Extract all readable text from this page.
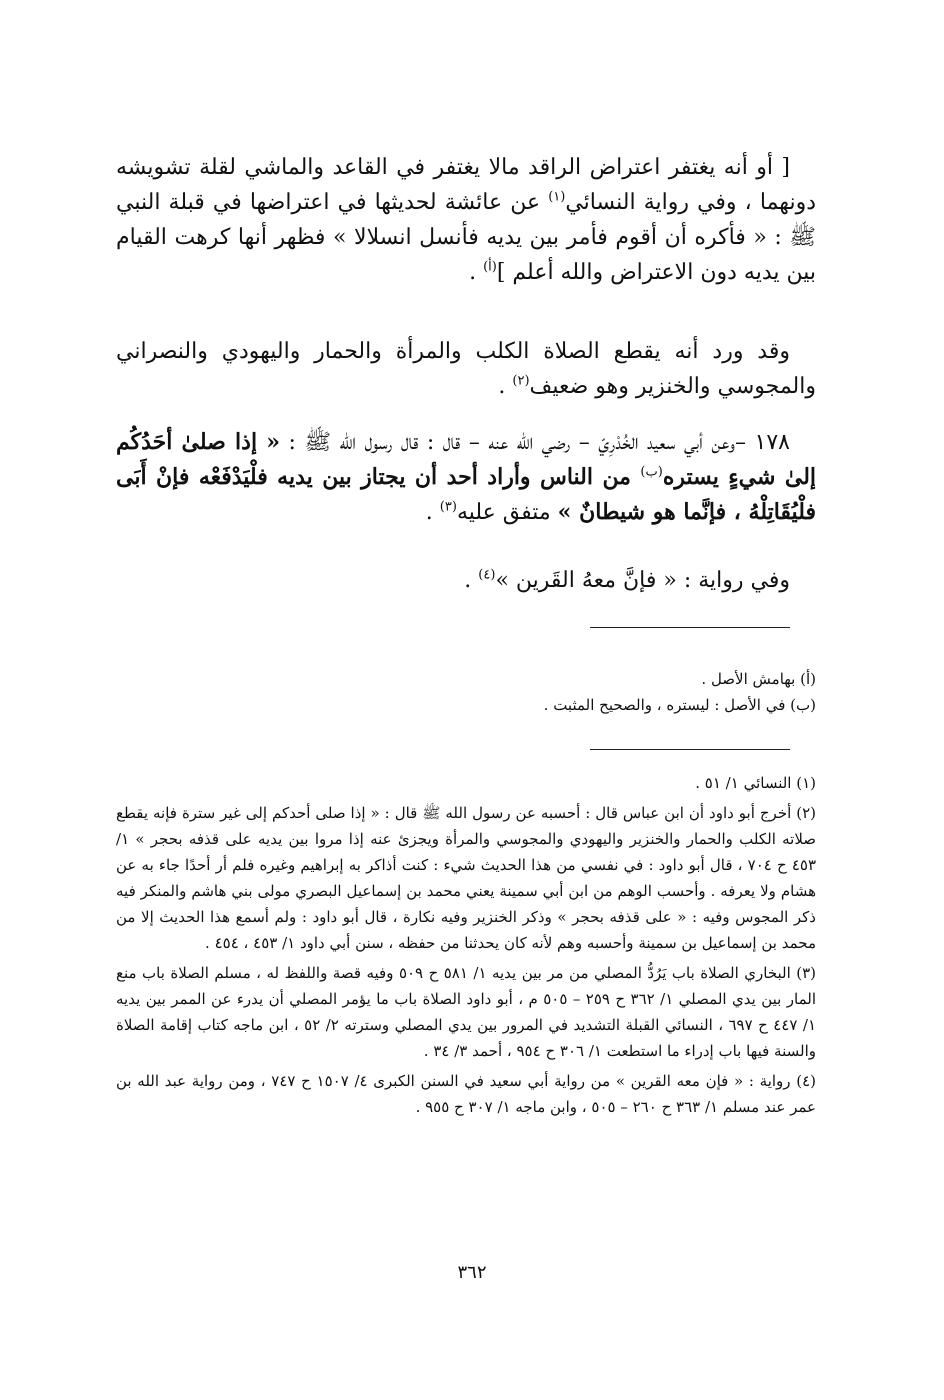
[ أو أنه يغتفر اعتراض الراقد مالا يغتفر في القاعد والماشي لقلة تشويشه دونهما ، وفي رواية النسائي$^{(١)}$ عن عائشة لحديثها في اعتراضها في قبلة النبي ﷺ : « فأكره أن أقوم فأمر بين يديه فأنسل انسلالا » فظهر أنها كرهت القيام بين يديه دون الاعتراض والله أعلم ]$^{(أ)}$ .

وقد ورد أنه يقطع الصلاة الكلب والمرأة والحمار واليهودي والنصراني والمجوسي والخنزير وهو ضعيف$^{(٢)}$ .

١٧٨ –وعن أبي سعيد الخُدْرِيّ – رضي الله عنه – قال : قال رسول الله ﷺ : « إذا صلىٰ أحَدُكُم إلىٰ شيءٍ يستره$^{(ب)}$ من الناس وأراد أحد أن يجتاز بين يديه فلْيَدْفَعْه فإنْ أَبَى فلْيُقَاتِلْهُ ، فإنَّما هو شيطانٌ » متفق عليه$^{(٣)}$ .

وفي رواية : « فإنَّ معهُ القَرين »$^{(٤)}$ .

(أ) بهامش الأصل .

(ب) في الأصل : ليستره ، والصحيح المثبت .

(١) النسائي ١/ ٥١ .

(٢) أخرج أبو داود أن ابن عباس قال : أحسبه عن رسول الله ﷺ قال : « إذا صلى أحدكم إلى غير سترة فإنه يقطع صلاته الكلب والحمار والخنزير واليهودي والمجوسي والمرأة ويجزئ عنه إذا مروا بين يديه على قذفه بحجر » ١/ ٤٥٣ ح ٧٠٤ ، قال أبو داود : في نفسي من هذا الحديث شيء : كنت أذاكر به إبراهيم وغيره فلم أر أحدًا جاء به عن هشام ولا يعرفه . وأحسب الوهم من ابن أبي سمينة يعني محمد بن إسماعيل البصري مولى بني هاشم والمنكر فيه ذكر المجوس وفيه : « على قذفه بحجر » وذكر الخنزير وفيه نكارة ، قال أبو داود : ولم أسمع هذا الحديث إلا من محمد بن إسماعيل بن سمينة وأحسبه وهم لأنه كان يحدثنا من حفظه ، سنن أبي داود ١/ ٤٥٣ ، ٤٥٤ .

(٣) البخاري الصلاة باب يَرُدُّ المصلي من مر بين يديه ١/ ٥٨١ ح ٥٠٩ وفيه قصة واللفظ له ، مسلم الصلاة باب منع المار بين يدي المصلي ١/ ٣٦٢ ح ٢٥٩ – ٥٠٥ م ، أبو داود الصلاة باب ما يؤمر المصلي أن يدرء عن الممر بين يديه ١/ ٤٤٧ ح ٦٩٧ ، النسائي القبلة التشديد في المرور بين يدي المصلي وسترته ٢/ ٥٢ ، ابن ماجه كتاب إقامة الصلاة والسنة فيها باب إدراء ما استطعت ١/ ٣٠٦ ح ٩٥٤ ، أحمد ٣/ ٣٤ .

(٤) رواية : « فإن معه القرين » من رواية أبي سعيد في السنن الكبرى ٤/ ١٥٠٧ ح ٧٤٧ ، ومن رواية عبد الله بن عمر عند مسلم ١/ ٣٦٣ ح ٢٦٠ – ٥٠٥ ، وابن ماجه ١/ ٣٠٧ ح ٩٥٥ .

٣٦٢
